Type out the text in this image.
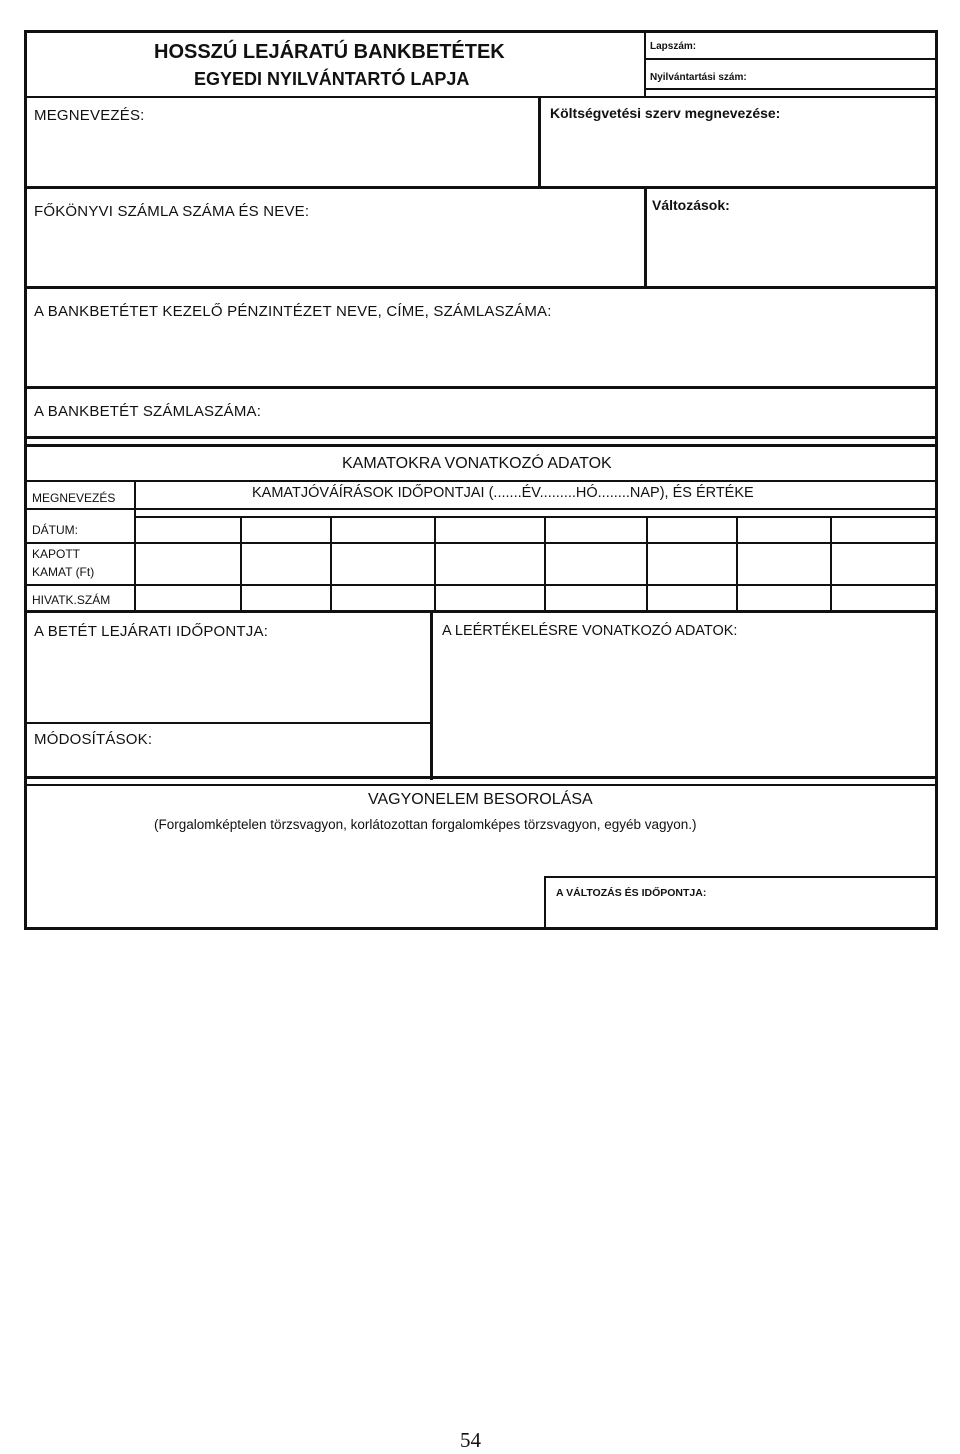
HOSSZÚ LEJÁRATÚ BANKBETÉTEK
EGYEDI NYILVÁNTARTÓ LAPJA
Lapszám:
Nyilvántartási szám:
MEGNEVEZÉS:	Költségvetési szerv megnevezése:
FŐKÖNYVI SZÁMLA SZÁMA ÉS NEVE:	Változások:
A BANKBETÉTET KEZELŐ PÉNZINTÉZET NEVE, CÍME, SZÁMLASZÁMA:
A BANKBETÉT SZÁMLASZÁMA:
KAMATOKRA VONATKOZÓ ADATOK
MEGNEVEZÉS	KAMATJÓVÁÍRÁSOK IDŐPONTJAI (.......ÉV.........HÓ........NAP), ÉS ÉRTÉKE
DÁTUM:
KAPOTT
KAMAT (Ft)
HIVATK.SZÁM
A BETÉT LEJÁRATI IDŐPONTJA:	A LEÉRTÉKELÉSRE VONATKOZÓ ADATOK:
MÓDOSÍTÁSOK:
VAGYONELEM BESOROLÁSA
(Forgalomképtelen törzsvagyon, korlátozottan forgalomképes törzsvagyon, egyéb vagyon.)
A VÁLTOZÁS ÉS IDŐPONTJA:
54
